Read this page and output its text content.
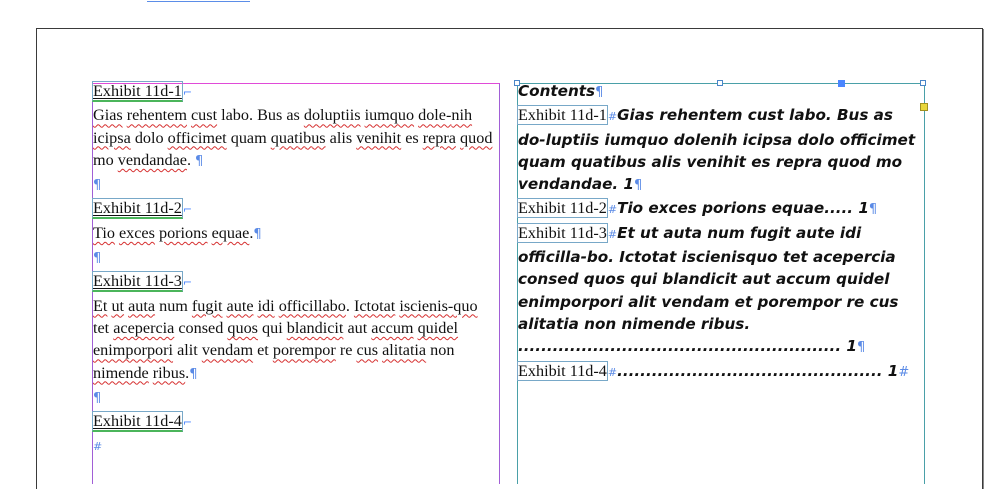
Exhibit 11d-1⌐

Gias rehentem cust labo. Bus as doluptiis iumquo dole-nih icipsa dolo officimet quam quatibus alis venihit es repra quod mo vendandae. ¶

¶

Exhibit 11d-2⌐

Tio exces porions equae.¶

¶

Exhibit 11d-3⌐

Et ut auta num fugit aute idi officillabo. Ictotat iscienis-quo tet acepercia consed quos qui blandicit aut accum quidel enimporpori alit vendam et porempor re cus alitatia non nimende ribus.¶

¶

Exhibit 11d-4⌐

#

Contents¶

Exhibit 11d-1#Gias rehentem cust labo. Bus as do-luptiis iumquo dolenih icipsa dolo officimet quam quatibus alis venihit es repra quod mo vendandae. 1¶

Exhibit 11d-2#Tio exces porions equae..... 1¶

Exhibit 11d-3#Et ut auta num fugit aute idi officilla-bo. Ictotat iscienisquo tet acepercia consed quos qui blandicit aut accum quidel enimporpori alit vendam et porempor re cus alitatia non nimende ribus. ........................................................ 1¶

Exhibit 11d-4#.............................................. 1#
